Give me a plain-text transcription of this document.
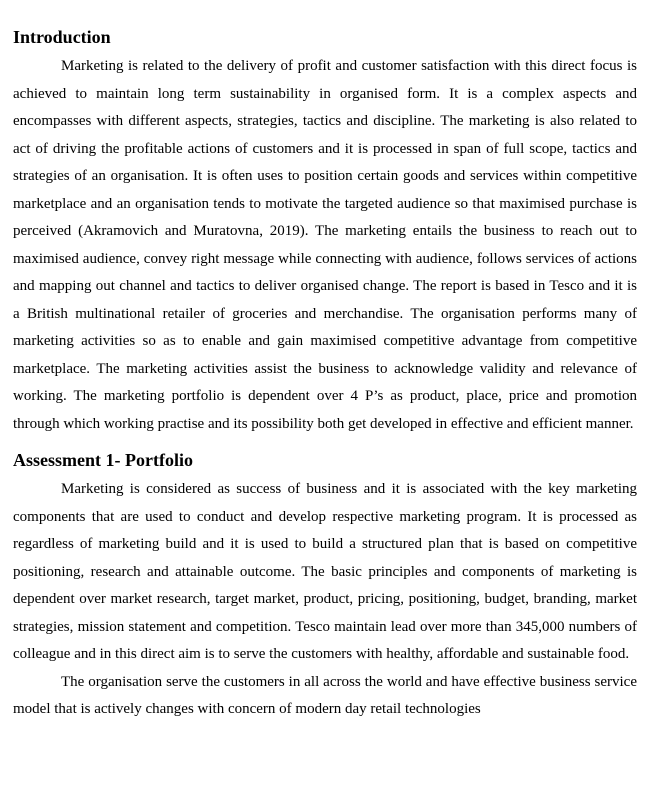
Introduction

Marketing is related to the delivery of profit and customer satisfaction with this direct focus is achieved to maintain long term sustainability in organised form. It is a complex aspects and encompasses with different aspects, strategies, tactics and discipline. The marketing is also related to act of driving the profitable actions of customers and it is processed in span of full scope, tactics and strategies of an organisation. It is often uses to position certain goods and services within competitive marketplace and an organisation tends to motivate the targeted audience so that maximised purchase is perceived (Akramovich and Muratovna, 2019). The marketing entails the business to reach out to maximised audience, convey right message while connecting with audience, follows services of actions and mapping out channel and tactics to deliver organised change. The report is based in Tesco and it is a British multinational retailer of groceries and merchandise. The organisation performs many of marketing activities so as to enable and gain maximised competitive advantage from competitive marketplace. The marketing activities assist the business to acknowledge validity and relevance of working. The marketing portfolio is dependent over 4 P’s as product, place, price and promotion through which working practise and its possibility both get developed in effective and efficient manner.

Assessment 1- Portfolio

Marketing is considered as success of business and it is associated with the key marketing components that are used to conduct and develop respective marketing program. It is processed as regardless of marketing build and it is used to build a structured plan that is based on competitive positioning, research and attainable outcome. The basic principles and components of marketing is dependent over market research, target market, product, pricing, positioning, budget, branding, market strategies, mission statement and competition. Tesco maintain lead over more than 345,000 numbers of colleague and in this direct aim is to serve the customers with healthy, affordable and sustainable food.

The organisation serve the customers in all across the world and have effective business service model that is actively changes with concern of modern day retail technologies
